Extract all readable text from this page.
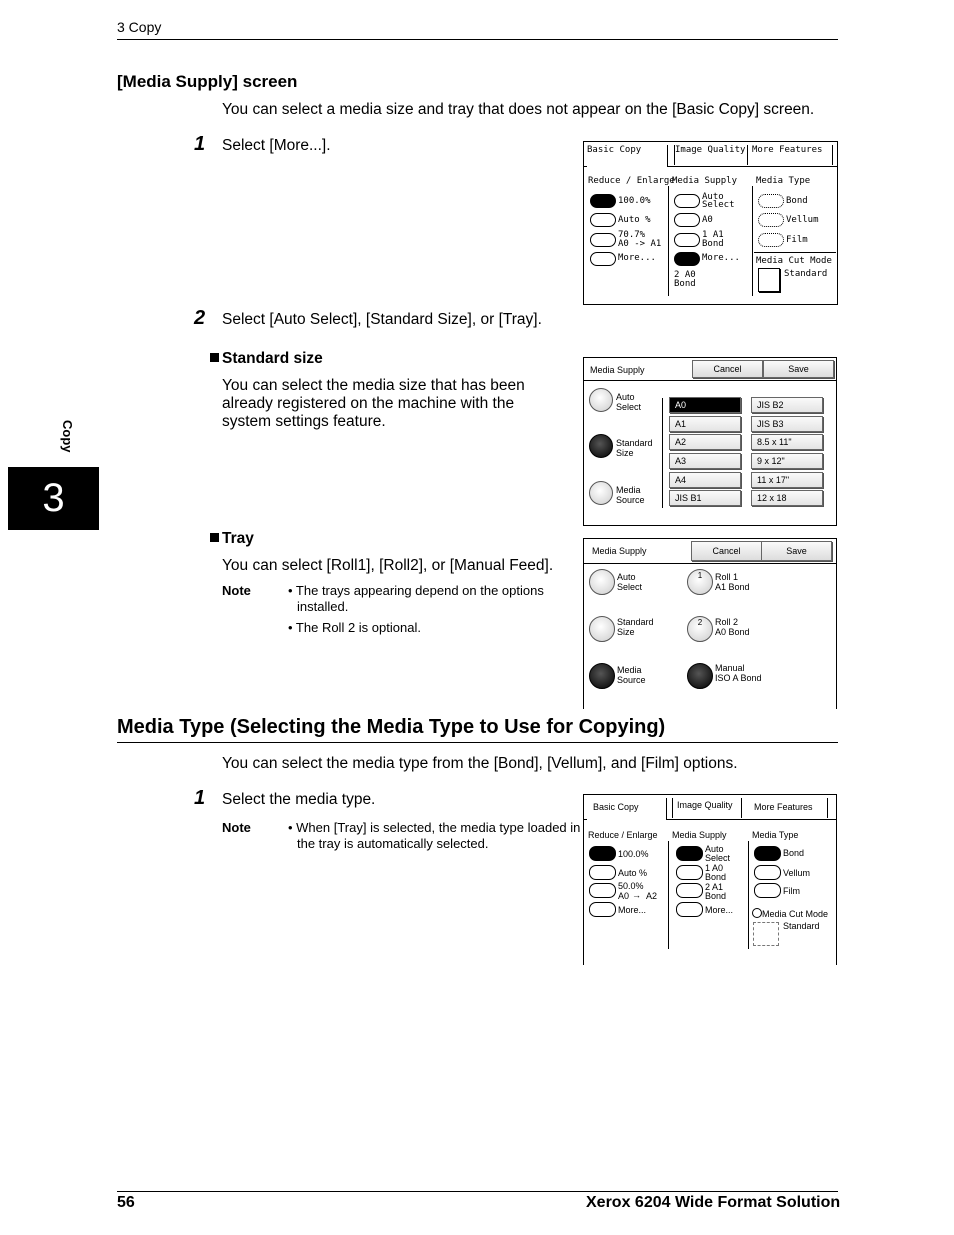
3 Copy
Copy
3
[Media Supply] screen
You can select a media size and tray that does not appear on the [Basic Copy] screen.
1 Select [More...].	Basic Copy	Image Quality More Features
Reduce / Enlarge
Media Supply Media Type
100.0%
Auto %
70.7%
A0 -> A1
More...
Auto
Select
A0
1 A1
Bond
More...
2 A0
Bond
Bond
Vellum
Film
Media Cut Mode
Standard
2 Select [Auto Select], [Standard Size], or [Tray].
Standard size
You can select the media size that has been already registered on the machine with the system settings feature.
Media Supply	Cancel	Save
Auto
Select
Standard
Size
Media
Source
A0
A1
A2
A3
A4
JIS B1
JIS B2
JIS B3
8.5 x 11"
9 x 12"
11 x 17"
12 x 18
Tray
You can select [Roll1], [Roll2], or [Manual Feed].
Note	• The trays appearing depend on the options installed.
• The Roll 2 is optional.
Media Supply	Cancel	Save
Auto
Select
Standard
Size
Media
Source
1	Roll 1
A1 Bond
2	Roll 2
A0 Bond
Manual
ISO A Bond
Media Type (Selecting the Media Type to Use for Copying)
You can select the media type from the [Bond], [Vellum], and [Film] options.
1 Select the media type.
Note	• When [Tray] is selected, the media type loaded in the tray is automatically selected.
Basic Copy	Image Quality	More Features
Reduce / Enlarge Media Supply	Media Type
100.0%
Auto %
50.0%
A0 → A2
More...
Auto
Select
1 A0
Bond
2 A1
Bond
More...
Bond
Vellum
Film
Media Cut Mode
Standard
56	Xerox 6204 Wide Format Solution
